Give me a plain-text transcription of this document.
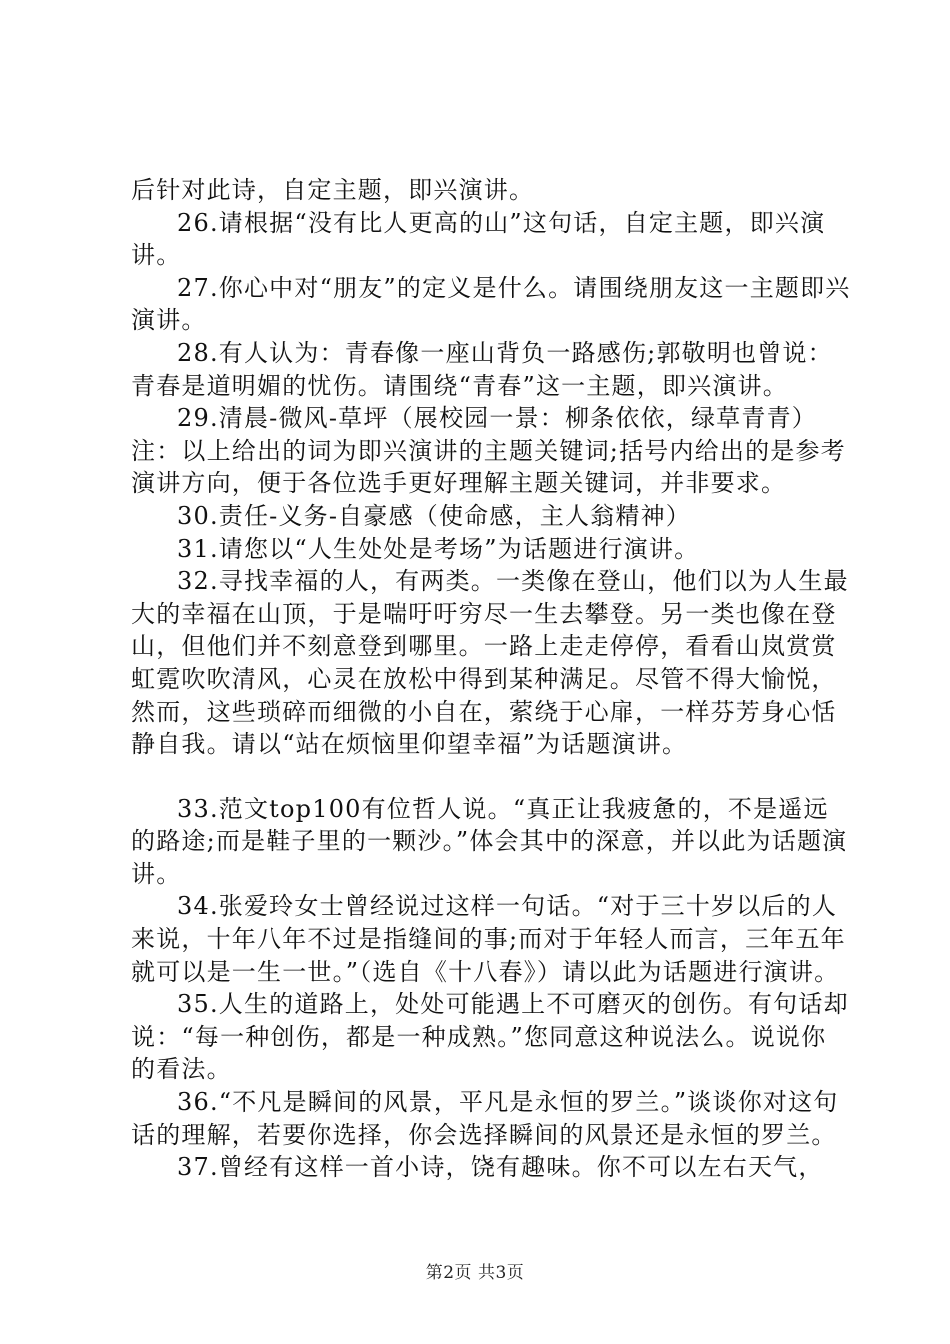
后针对此诗，自定主题，即兴演讲。

26.请根据“没有比人更高的山”这句话，自定主题，即兴演讲。

27.你心中对“朋友”的定义是什么。请围绕朋友这一主题即兴演讲。

28.有人认为：青春像一座山背负一路感伤;郭敬明也曾说：青春是道明媚的忧伤。请围绕“青春”这一主题，即兴演讲。

29.清晨-微风-草坪（展校园一景：柳条依依，绿草青青）注：以上给出的词为即兴演讲的主题关键词;括号内给出的是参考演讲方向，便于各位选手更好理解主题关键词，并非要求。

30.责任-义务-自豪感（使命感，主人翁精神）

31.请您以“人生处处是考场”为话题进行演讲。

32.寻找幸福的人，有两类。一类像在登山，他们以为人生最大的幸福在山顶，于是喘吁吁穷尽一生去攀登。另一类也像在登山，但他们并不刻意登到哪里。一路上走走停停，看看山岚赏赏虹霓吹吹清风，心灵在放松中得到某种满足。尽管不得大愉悦，然而，这些琐碎而细微的小自在，萦绕于心扉，一样芬芳身心恬静自我。请以“站在烦恼里仰望幸福”为话题演讲。

33.范文top100有位哲人说。“真正让我疲惫的，不是遥远的路途;而是鞋子里的一颗沙。”体会其中的深意，并以此为话题演讲。

34.张爱玲女士曾经说过这样一句话。“对于三十岁以后的人来说，十年八年不过是指缝间的事;而对于年轻人而言，三年五年就可以是一生一世。”（选自《十八春》）请以此为话题进行演讲。

35.人生的道路上，处处可能遇上不可磨灭的创伤。有句话却说：“每一种创伤，都是一种成熟。”您同意这种说法么。说说你的看法。

36.“不凡是瞬间的风景，平凡是永恒的罗兰。”谈谈你对这句话的理解，若要你选择，你会选择瞬间的风景还是永恒的罗兰。

37.曾经有这样一首小诗，饶有趣味。你不可以左右天气，

第2页 共3页
